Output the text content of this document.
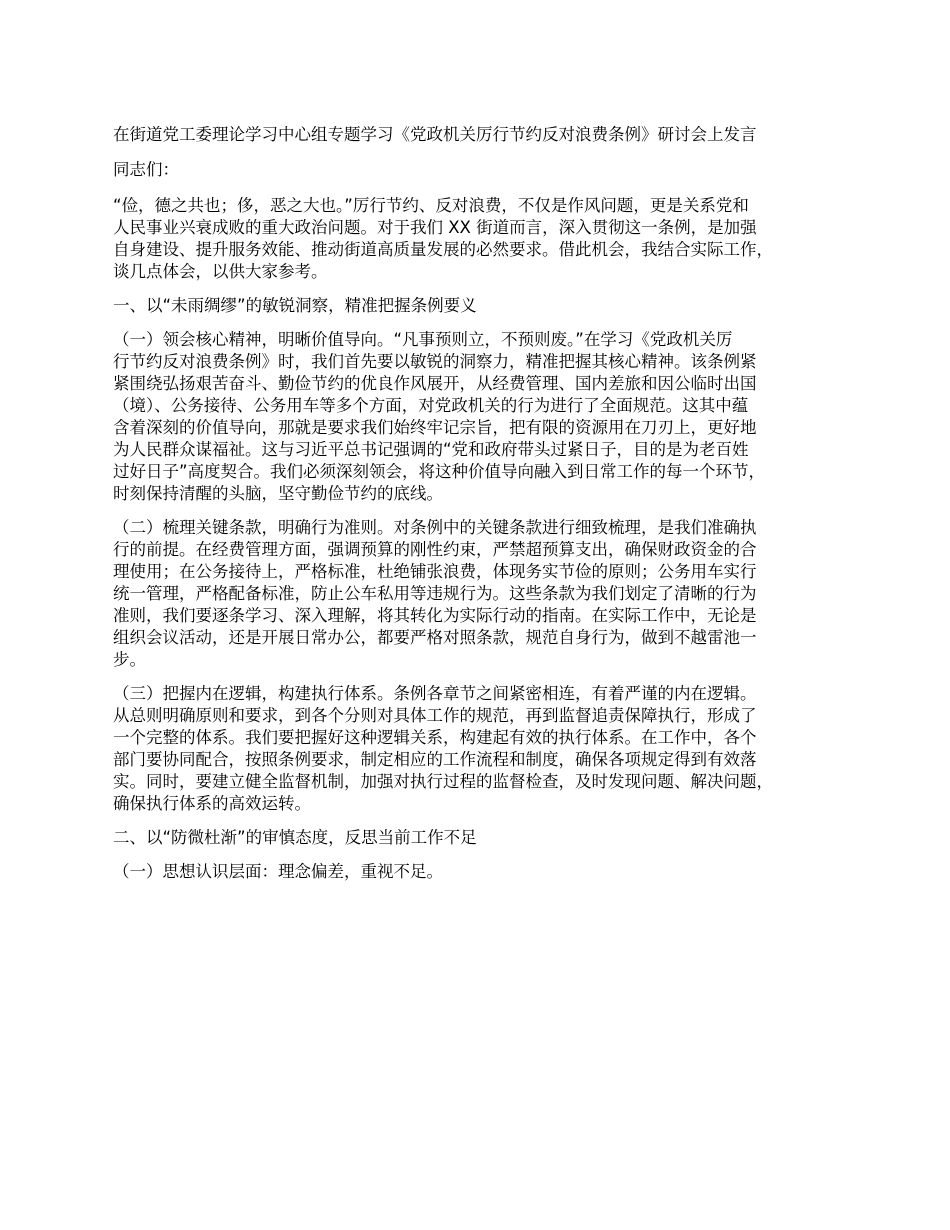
在街道党工委理论学习中心组专题学习《党政机关厉行节约反对浪费条例》研讨会上发言

同志们：

“俭，德之共也；侈，恶之大也。”厉行节约、反对浪费，不仅是作风问题，更是关系党和
人民事业兴衰成败的重大政治问题。对于我们 XX 街道而言，深入贯彻这一条例，是加强
自身建设、提升服务效能、推动街道高质量发展的必然要求。借此机会，我结合实际工作，
谈几点体会，以供大家参考。

一、以“未雨绸缪”的敏锐洞察，精准把握条例要义

（一）领会核心精神，明晰价值导向。“凡事预则立，不预则废。”在学习《党政机关厉
行节约反对浪费条例》时，我们首先要以敏锐的洞察力，精准把握其核心精神。该条例紧
紧围绕弘扬艰苦奋斗、勤俭节约的优良作风展开，从经费管理、国内差旅和因公临时出国
（境）、公务接待、公务用车等多个方面，对党政机关的行为进行了全面规范。这其中蕴
含着深刻的价值导向，那就是要求我们始终牢记宗旨，把有限的资源用在刀刃上，更好地
为人民群众谋福祉。这与习近平总书记强调的“党和政府带头过紧日子，目的是为老百姓
过好日子”高度契合。我们必须深刻领会，将这种价值导向融入到日常工作的每一个环节，
时刻保持清醒的头脑，坚守勤俭节约的底线。

（二）梳理关键条款，明确行为准则。对条例中的关键条款进行细致梳理，是我们准确执
行的前提。在经费管理方面，强调预算的刚性约束，严禁超预算支出，确保财政资金的合
理使用；在公务接待上，严格标准，杜绝铺张浪费，体现务实节俭的原则；公务用车实行
统一管理，严格配备标准，防止公车私用等违规行为。这些条款为我们划定了清晰的行为
准则，我们要逐条学习、深入理解，将其转化为实际行动的指南。在实际工作中，无论是
组织会议活动，还是开展日常办公，都要严格对照条款，规范自身行为，做到不越雷池一
步。

（三）把握内在逻辑，构建执行体系。条例各章节之间紧密相连，有着严谨的内在逻辑。
从总则明确原则和要求，到各个分则对具体工作的规范，再到监督追责保障执行，形成了
一个完整的体系。我们要把握好这种逻辑关系，构建起有效的执行体系。在工作中，各个
部门要协同配合，按照条例要求，制定相应的工作流程和制度，确保各项规定得到有效落
实。同时，要建立健全监督机制，加强对执行过程的监督检查，及时发现问题、解决问题，
确保执行体系的高效运转。

二、以“防微杜渐”的审慎态度，反思当前工作不足

（一）思想认识层面：理念偏差，重视不足。
